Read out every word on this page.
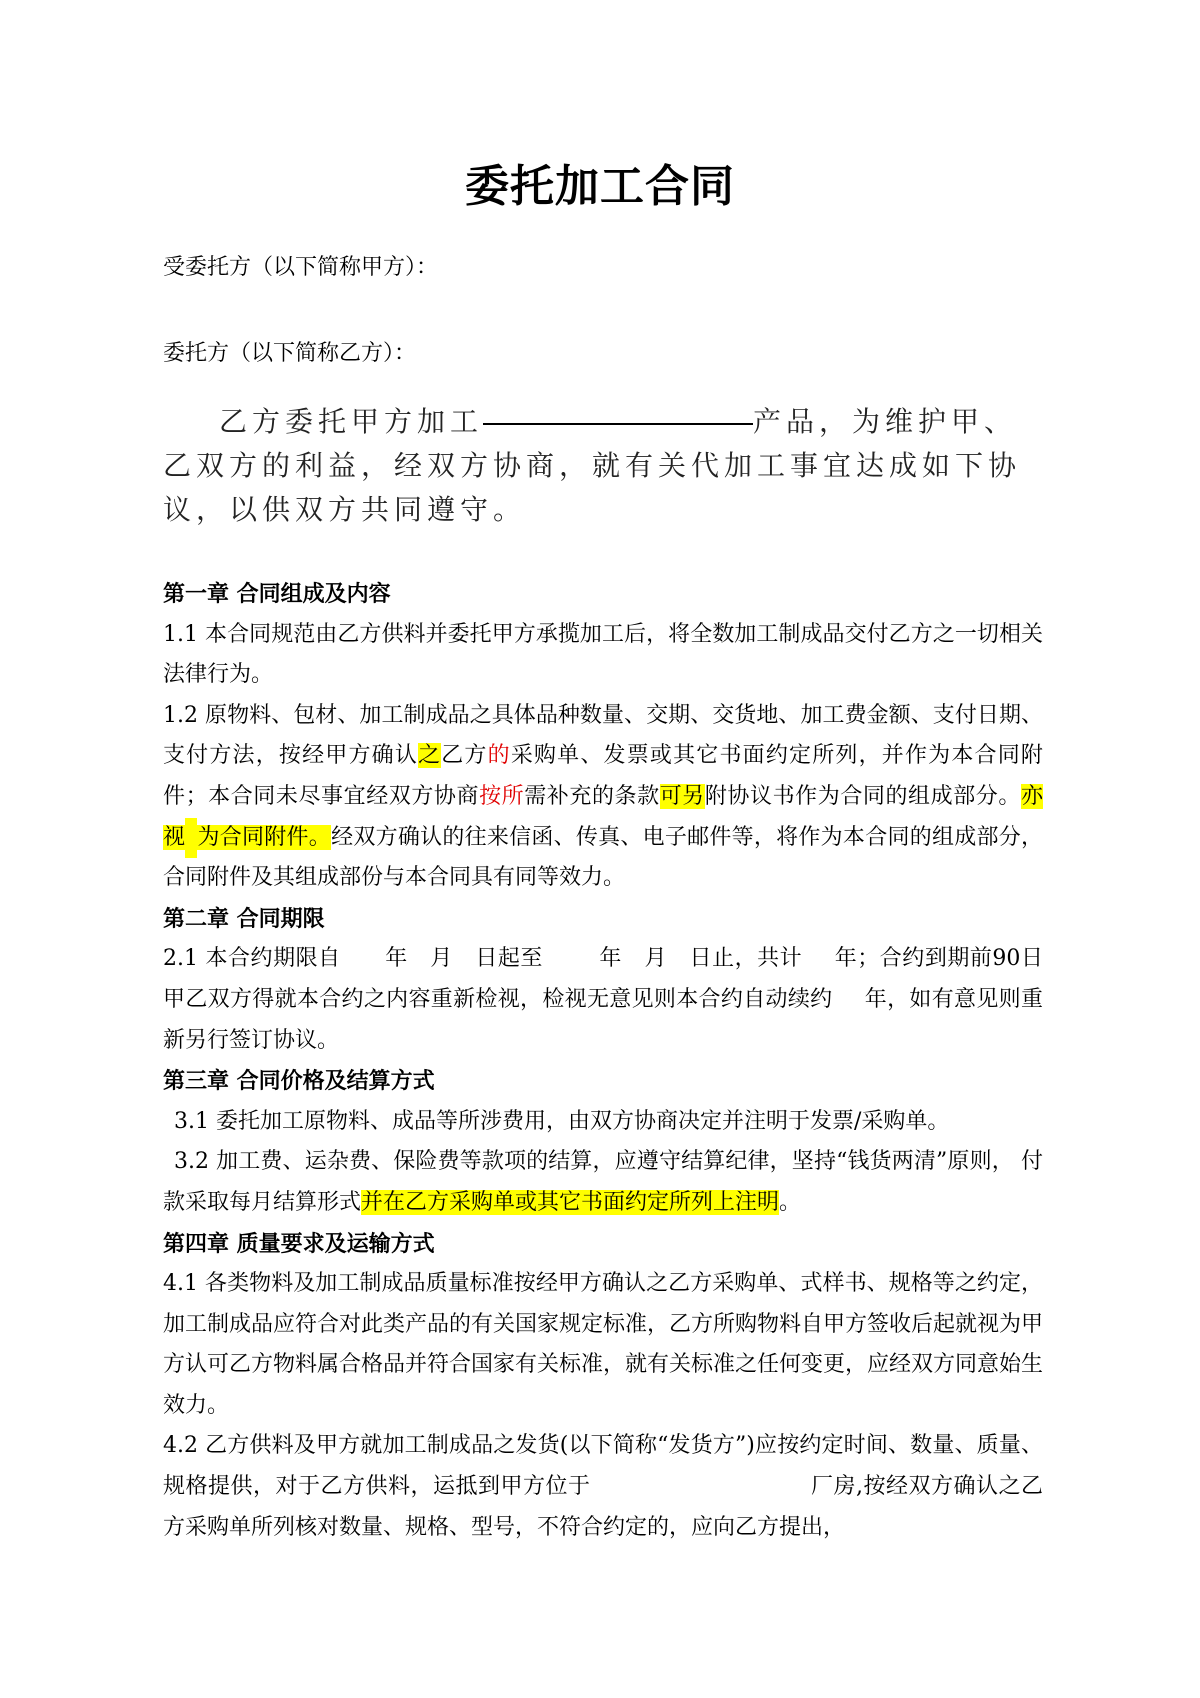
委托加工合同
受委托方（以下简称甲方）：
委托方（以下简称乙方）：
乙方委托甲方加工	产品，为维护甲、乙双方的利益，经双方协商，就有关代加工事宜达成如下协议，以供双方共同遵守。

第一章 合同组成及内容

1.1 本合同规范由乙方供料并委托甲方承揽加工后，将全数加工制成品交付乙方之一切相关法律行为。

1.2 原物料、包材、加工制成品之具体品种数量、交期、交货地、加工费金额、支付日期、支付方法，按经甲方确认之乙方的采购单、发票或其它书面约定所列，并作为本合同附件；本合同未尽事宜经双方协商按所需补充的条款可另附协议书作为合同的组成部分。亦视 为合同附件。经双方确认的往来信函、传真、电子邮件等，将作为本合同的组成部分，合同附件及其组成部份与本合同具有同等效力。

第二章 合同期限

2.1 本合约期限自 年 月 日起至	年 月 日止，共计 年；合约到期前90日甲乙双方得就本合约之内容重新检视，检视无意见则本合约自动续约 年，如有意见则重新另行签订协议。

第三章 合同价格及结算方式

3.1 委托加工原物料、成品等所涉费用，由双方协商决定并注明于发票/采购单。

3.2 加工费、运杂费、保险费等款项的结算，应遵守结算纪律，坚持“钱货两清”原则， 付款采取每月结算形式并在乙方采购单或其它书面约定所列上注明。

第四章 质量要求及运输方式

4.1 各类物料及加工制成品质量标准按经甲方确认之乙方采购单、式样书、规格等之约定，加工制成品应符合对此类产品的有关国家规定标准，乙方所购物料自甲方签收后起就视为甲方认可乙方物料属合格品并符合国家有关标准，就有关标准之任何变更，应经双方同意始生效力。

4.2 乙方供料及甲方就加工制成品之发货(以下简称“发货方”)应按约定时间、数量、质量、规格提供，对于乙方供料，运抵到甲方位于	厂房,按经双方确认之乙方采购单所列核对数量、规格、型号，不符合约定的，应向乙方提出，
